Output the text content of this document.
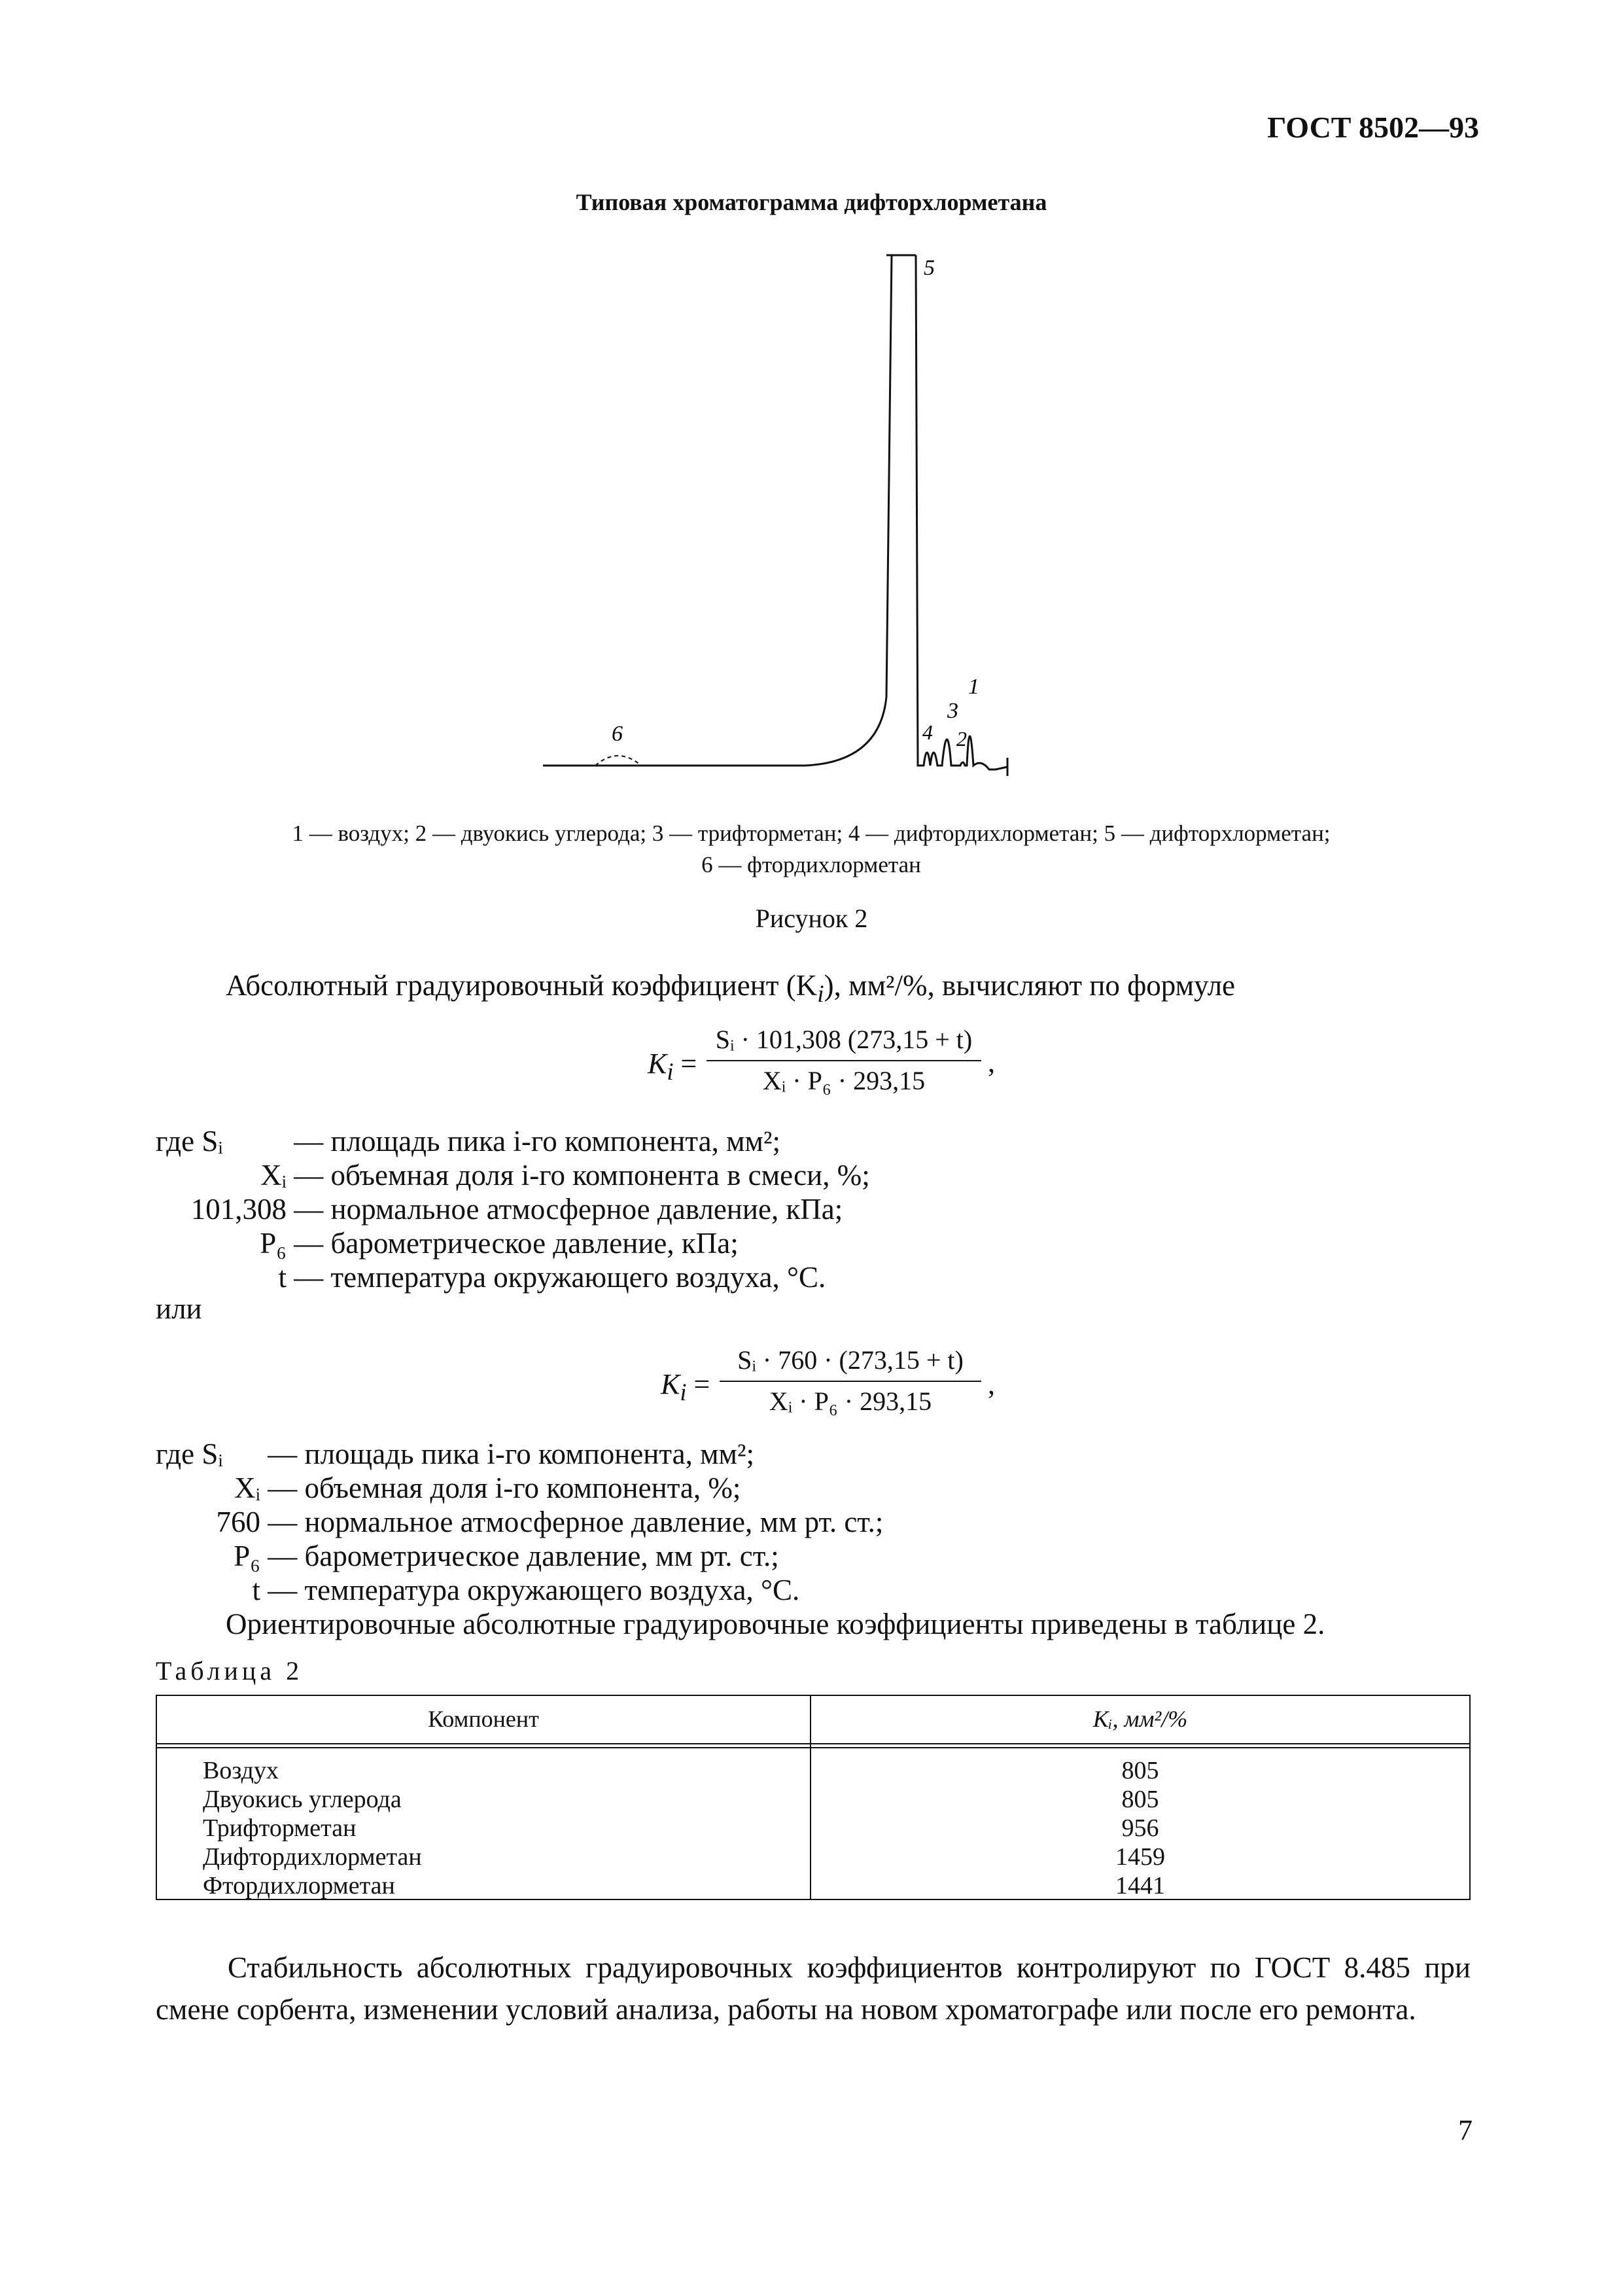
ГОСТ 8502—93
Типовая хроматограмма дифторхлорметана
5
6
1
3
4 2
1 — воздух; 2 — двуокись углерода; 3 — трифторметан; 4 — дифтордихлорметан; 5 — дифторхлорметан;
6 — фтордихлорметан
Рисунок 2
Абсолютный градуировочный коэффициент $(K_i)$, мм²/%, вычисляют по формуле
$K_i$ =
Sᵢ · 101,308 (273,15 + t)
Xᵢ · P₆ · 293,15
,
где Sᵢ — площадь пика i-го компонента, мм²;
Xᵢ — объемная доля i-го компонента в смеси, %;
101,308 — нормальное атмосферное давление, кПа;
P₆ — барометрическое давление, кПа;
t — температура окружающего воздуха, °С.
или
$K_i$ =
Sᵢ · 760 · (273,15 + t)
Xᵢ · P₆ · 293,15
,
где Sᵢ — площадь пика i-го компонента, мм²;
Xᵢ — объемная доля i-го компонента, %;
760 — нормальное атмосферное давление, мм рт. ст.;
P₆ — барометрическое давление, мм рт. ст.;
t — температура окружающего воздуха, °С.
Ориентировочные абсолютные градуировочные коэффициенты приведены в таблице 2.
Таблица 2
Компонент	Kᵢ, мм²/%
Воздух	805
Двуокись углерода	805
Трифторметан	956
Дифтордихлорметан	1459
Фтордихлорметан	1441
Стабильность абсолютных градуировочных коэффициентов контролируют по ГОСТ 8.485 при смене сорбента, изменении условий анализа, работы на новом хроматографе или после его ремонта.
7
